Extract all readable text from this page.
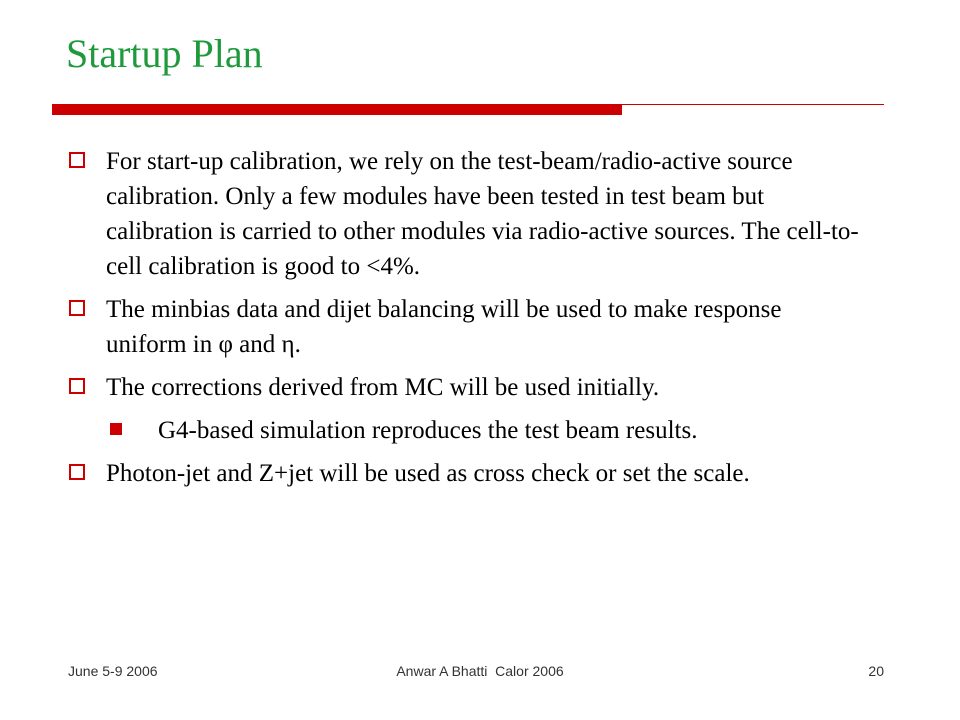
Startup Plan
For start-up calibration, we rely on the test-beam/radio-active source calibration. Only a few modules have been tested in test beam but calibration is carried to other modules via radio-active sources. The cell-to-cell calibration is good to <4%.
The minbias data and dijet balancing will be used to make response uniform in φ and η.
The corrections derived from MC will be used initially.
G4-based simulation reproduces the test beam results.
Photon-jet and Z+jet will be used as cross check or set the scale.
June 5-9 2006	Anwar A Bhatti  Calor 2006	20
